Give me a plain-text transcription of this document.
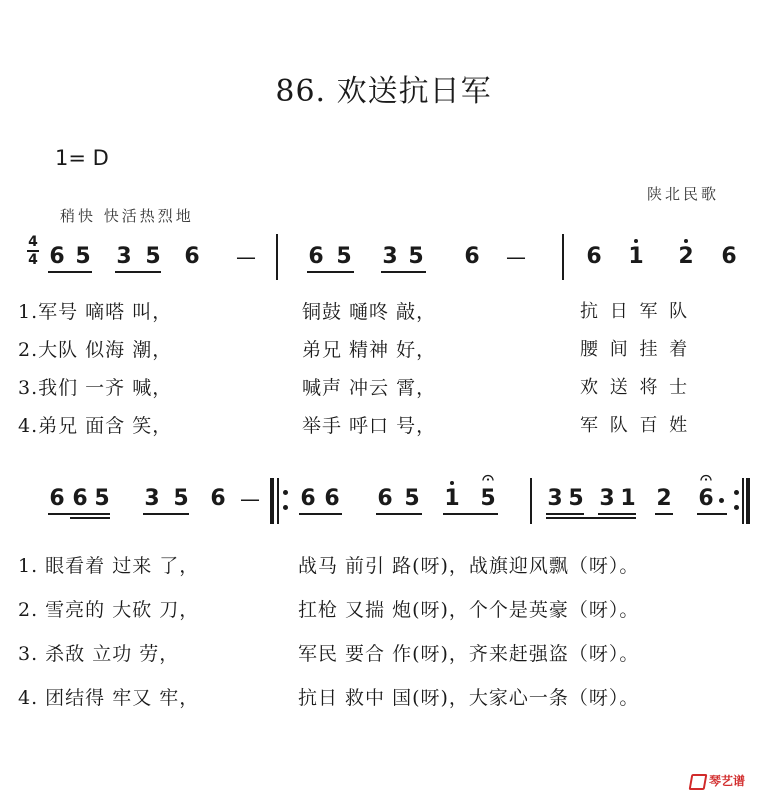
86. 欢送抗日军
1= D
陕北民歌
稍快 快活热烈地
4
4 6 5 3 5 6 — 6 5 3 5 6 —	6 1 2 6
1.军号 嘀嗒 叫，	铜鼓 嗵咚 敲，	抗 日 军 队
2.大队 似海 潮，	弟兄 精神 好，	腰 间 挂 着
3.我们 一齐 喊，	喊声 冲云 霄，	欢 送 将 士
4.弟兄 面含 笑，	举手 呼口 号，	军 队 百 姓
6 6 5 3 5 6 — 6 6 6 5 1 5 3 5 3 1 2 6
1. 眼看着 过来 了，	战马 前引 路(呀)，战旗迎风飘（呀）。
2. 雪亮的 大砍 刀，	扛枪 又揣 炮(呀)，个个是英豪（呀）。
3. 杀敌 立功 劳，	军民 要合 作(呀)，齐来赶强盗（呀）。
4. 团结得 牢又 牢，	抗日 救中 国(呀)，大家心一条（呀）。
琴艺谱
